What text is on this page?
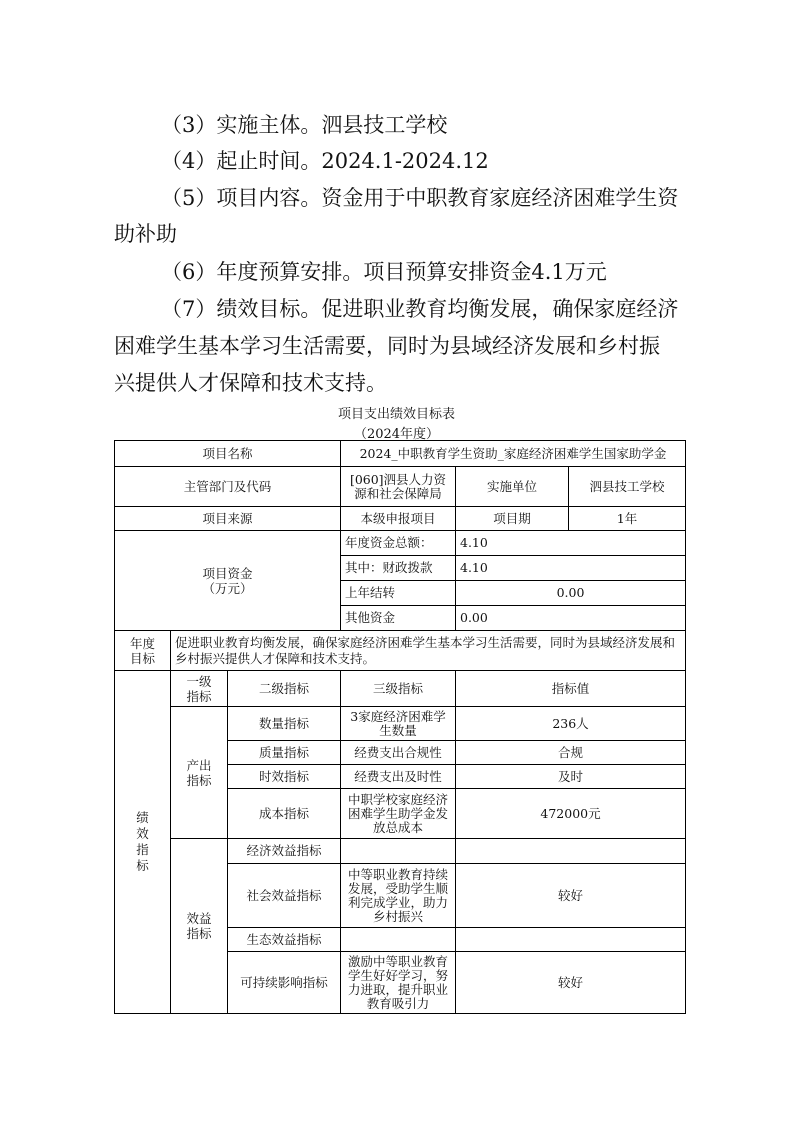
（3）实施主体。泗县技工学校
（4）起止时间。2024.1-2024.12
（5）项目内容。资金用于中职教育家庭经济困难学生资
助补助
（6）年度预算安排。项目预算安排资金4.1万元
（7）绩效目标。促进职业教育均衡发展，确保家庭经济
困难学生基本学习生活需要，同时为县域经济发展和乡村振
兴提供人才保障和技术支持。
项目支出绩效目标表
（2024年度）
项目名称			2024_中职教育学生资助_家庭经济困难学生国家助学金		
主管部门及代码			[060]泗县人力资源和社会保障局	实施单位	泗县技工学校
项目来源			本级申报项目	项目期	1年

项目资金（万元）			年度资金总额：	4.10	
			其中：财政拨款	4.10	
			上年结转	0.00	
			其他资金	0.00	

年度目标	促进职业教育均衡发展，确保家庭经济困难学生基本学习生活需要，同时为县域经济发展和乡村振兴提供人才保障和技术支持。				

绩效指标	一级指标	二级指标	三级指标	指标值	

	产出指标	数量指标	3家庭经济困难学生数量	236人	
		质量指标	经费支出合规性	合规	
		时效指标	经费支出及时性	及时	
		成本指标	中职学校家庭经济困难学生助学金发放总成本	472000元	

	效益指标	经济效益指标			
		社会效益指标	中等职业教育持续发展，受助学生顺利完成学业，助力乡村振兴	较好	
		生态效益指标			
		可持续影响指标	激励中等职业教育学生好好学习，努力进取，提升职业教育吸引力	较好	
